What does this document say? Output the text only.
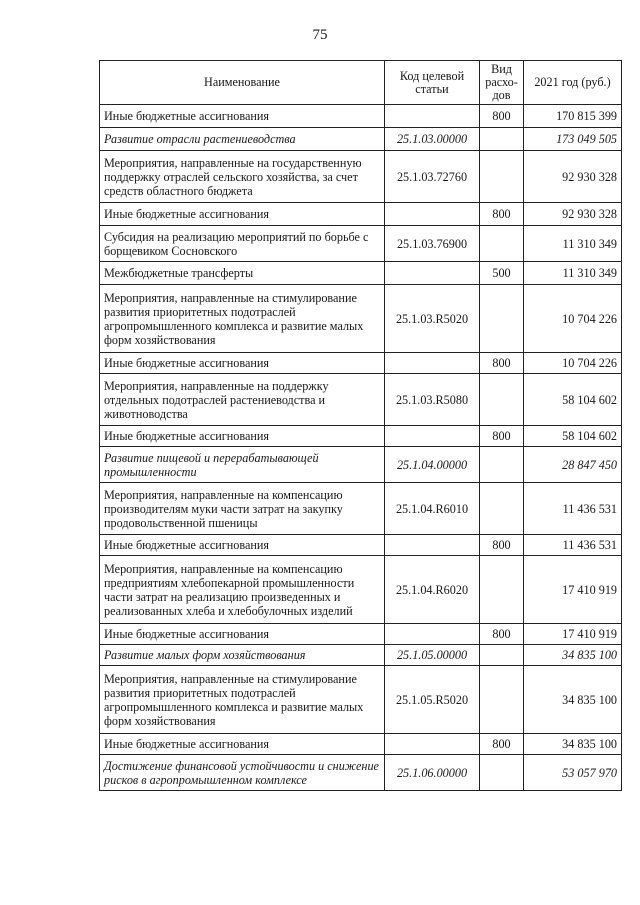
75
Наименование	Код целевой статьи	Вид расхо-дов	2021 год (руб.)
Иные бюджетные ассигнования		800	170 815 399
Развитие отрасли растениеводства	25.1.03.00000		173 049 505
Мероприятия, направленные на государственную поддержку отраслей сельского хозяйства, за счет средств областного бюджета	25.1.03.72760		92 930 328
Иные бюджетные ассигнования		800	92 930 328
Субсидия на реализацию мероприятий по борьбе с борщевиком Сосновского	25.1.03.76900		11 310 349
Межбюджетные трансферты		500	11 310 349
Мероприятия, направленные на стимулирование развития приоритетных подотраслей агропромышленного комплекса и развитие малых форм хозяйствования	25.1.03.R5020		10 704 226
Иные бюджетные ассигнования		800	10 704 226
Мероприятия, направленные на поддержку отдельных подотраслей растениеводства и животноводства	25.1.03.R5080		58 104 602
Иные бюджетные ассигнования		800	58 104 602
Развитие пищевой и перерабатывающей промышленности	25.1.04.00000		28 847 450
Мероприятия, направленные на компенсацию производителям муки части затрат на закупку продовольственной пшеницы	25.1.04.R6010		11 436 531
Иные бюджетные ассигнования		800	11 436 531
Мероприятия, направленные на компенсацию предприятиям хлебопекарной промышленности части затрат на реализацию произведенных и реализованных хлеба и хлебобулочных изделий	25.1.04.R6020		17 410 919
Иные бюджетные ассигнования		800	17 410 919
Развитие малых форм хозяйствования	25.1.05.00000		34 835 100
Мероприятия, направленные на стимулирование развития приоритетных подотраслей агропромышленного комплекса и развитие малых форм хозяйствования	25.1.05.R5020		34 835 100
Иные бюджетные ассигнования		800	34 835 100
Достижение финансовой устойчивости и снижение рисков в агропромышленном комплексе	25.1.06.00000		53 057 970
